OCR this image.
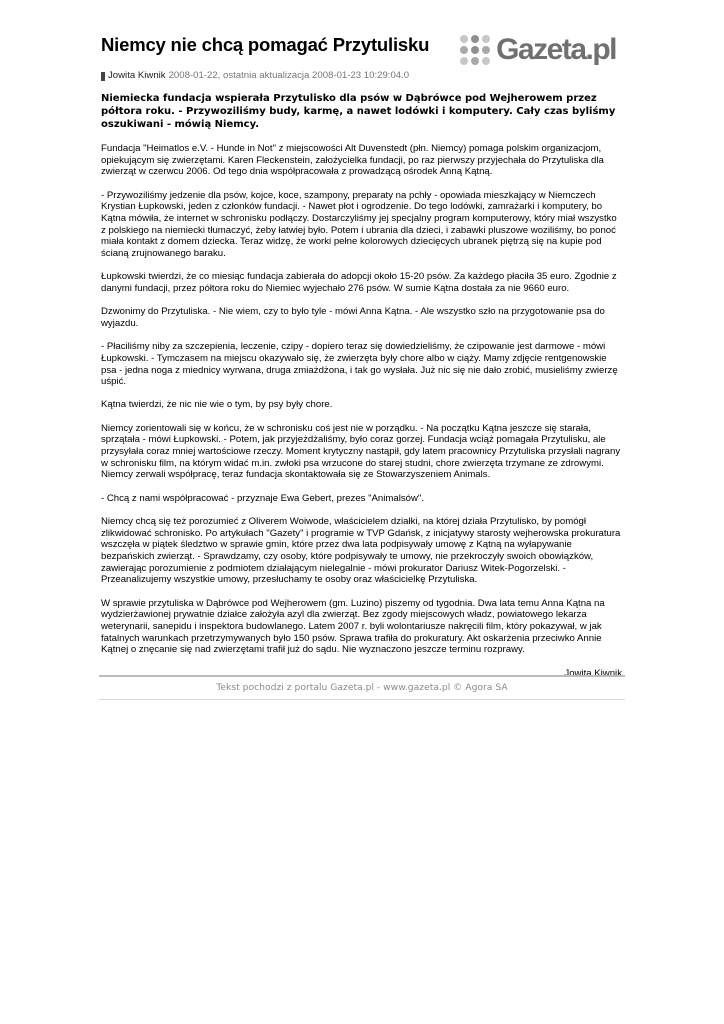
Niemcy nie chcą pomagać Przytulisku Gazeta.pl
Jowita Kiwnik 2008-01-22, ostatnia aktualizacja 2008-01-23 10:29:04.0
Niemiecka fundacja wspierała Przytulisko dla psów w Dąbrówce pod Wejherowem przez półtora roku. - Przywoziliśmy budy, karmę, a nawet lodówki i komputery. Cały czas byliśmy oszukiwani - mówią Niemcy.

Fundacja "Heimatlos e.V. - Hunde in Not" z miejscowości Alt Duvenstedt (płn. Niemcy) pomaga polskim organizacjom, opiekującym się zwierzętami. Karen Fleckenstein, założycielka fundacji, po raz pierwszy przyjechała do Przytuliska dla zwierząt w czerwcu 2006. Od tego dnia współpracowała z prowadzącą ośrodek Anną Kątną.

- Przywoziliśmy jedzenie dla psów, kojce, koce, szampony, preparaty na pchły - opowiada mieszkający w Niemczech Krystian Łupkowski, jeden z członków fundacji. - Nawet płot i ogrodzenie. Do tego lodówki, zamrażarki i komputery, bo Kątna mówiła, że internet w schronisku podłączy. Dostarczyliśmy jej specjalny program komputerowy, który miał wszystko z polskiego na niemiecki tłumaczyć, żeby łatwiej było. Potem i ubrania dla dzieci, i zabawki pluszowe woziliśmy, bo ponoć miała kontakt z domem dziecka. Teraz widzę, że worki pełne kolorowych dziecięcych ubranek piętrzą się na kupie pod ścianą zrujnowanego baraku.

Łupkowski twierdzi, że co miesiąc fundacja zabierała do adopcji około 15-20 psów. Za każdego płaciła 35 euro. Zgodnie z danymi fundacji, przez półtora roku do Niemiec wyjechało 276 psów. W sumie Kątna dostała za nie 9660 euro.

Dzwonimy do Przytuliska. - Nie wiem, czy to było tyle - mówi Anna Kątna. - Ale wszystko szło na przygotowanie psa do wyjazdu.

- Płaciliśmy niby za szczepienia, leczenie, czipy - dopiero teraz się dowiedzieliśmy, że czipowanie jest darmowe - mówi Łupkowski. - Tymczasem na miejscu okazywało się, że zwierzęta były chore albo w ciąży. Mamy zdjęcie rentgenowskie psa - jedna noga z miednicy wyrwana, druga zmiażdżona, i tak go wysłała. Już nic się nie dało zrobić, musieliśmy zwierzę uśpić.

Kątna twierdzi, że nic nie wie o tym, by psy były chore.

Niemcy zorientowali się w końcu, że w schronisku coś jest nie w porządku. - Na początku Kątna jeszcze się starała, sprzątała - mówi Łupkowski. - Potem, jak przyjeżdżaliśmy, było coraz gorzej. Fundacja wciąż pomagała Przytulisku, ale przysyłała coraz mniej wartościowe rzeczy. Moment krytyczny nastąpił, gdy latem pracownicy Przytuliska przysłali nagrany w schronisku film, na którym widać m.in. zwłoki psa wrzucone do starej studni, chore zwierzęta trzymane ze zdrowymi. Niemcy zerwali współpracę, teraz fundacja skontaktowała się ze Stowarzyszeniem Animals.

- Chcą z nami współpracować - przyznaje Ewa Gebert, prezes "Animalsów".

Niemcy chcą się też porozumieć z Oliverem Woiwode, właścicielem działki, na której działa Przytulisko, by pomógł zlikwidować schronisko. Po artykułach "Gazety" i programie w TVP Gdańsk, z inicjatywy starosty wejherowska prokuratura wszczęła w piątek śledztwo w sprawie gmin, które przez dwa lata podpisywały umowę z Kątną na wyłapywanie bezpańskich zwierząt. - Sprawdzamy, czy osoby, które podpisywały te umowy, nie przekroczyły swoich obowiązków, zawierając porozumienie z podmiotem działającym nielegalnie - mówi prokurator Dariusz Witek-Pogorzelski. - Przeanalizujemy wszystkie umowy, przesłuchamy te osoby oraz właścicielkę Przytuliska.

W sprawie przytuliska w Dąbrówce pod Wejherowem (gm. Luzino) piszemy od tygodnia. Dwa lata temu Anna Kątna na wydzierżawionej prywatnie działce założyła azyl dla zwierząt. Bez zgody miejscowych władz, powiatowego lekarza weterynarii, sanepidu i inspektora budowlanego. Latem 2007 r. byli wolontariusze nakręcili film, który pokazywał, w jak fatalnych warunkach przetrzymywanych było 150 psów. Sprawa trafiła do prokuratury. Akt oskarżenia przeciwko Annie Kątnej o znęcanie się nad zwierzętami trafił już do sądu. Nie wyznaczono jeszcze terminu rozprawy.

Jowita Kiwnik
Tekst pochodzi z portalu Gazeta.pl - www.gazeta.pl © Agora SA
